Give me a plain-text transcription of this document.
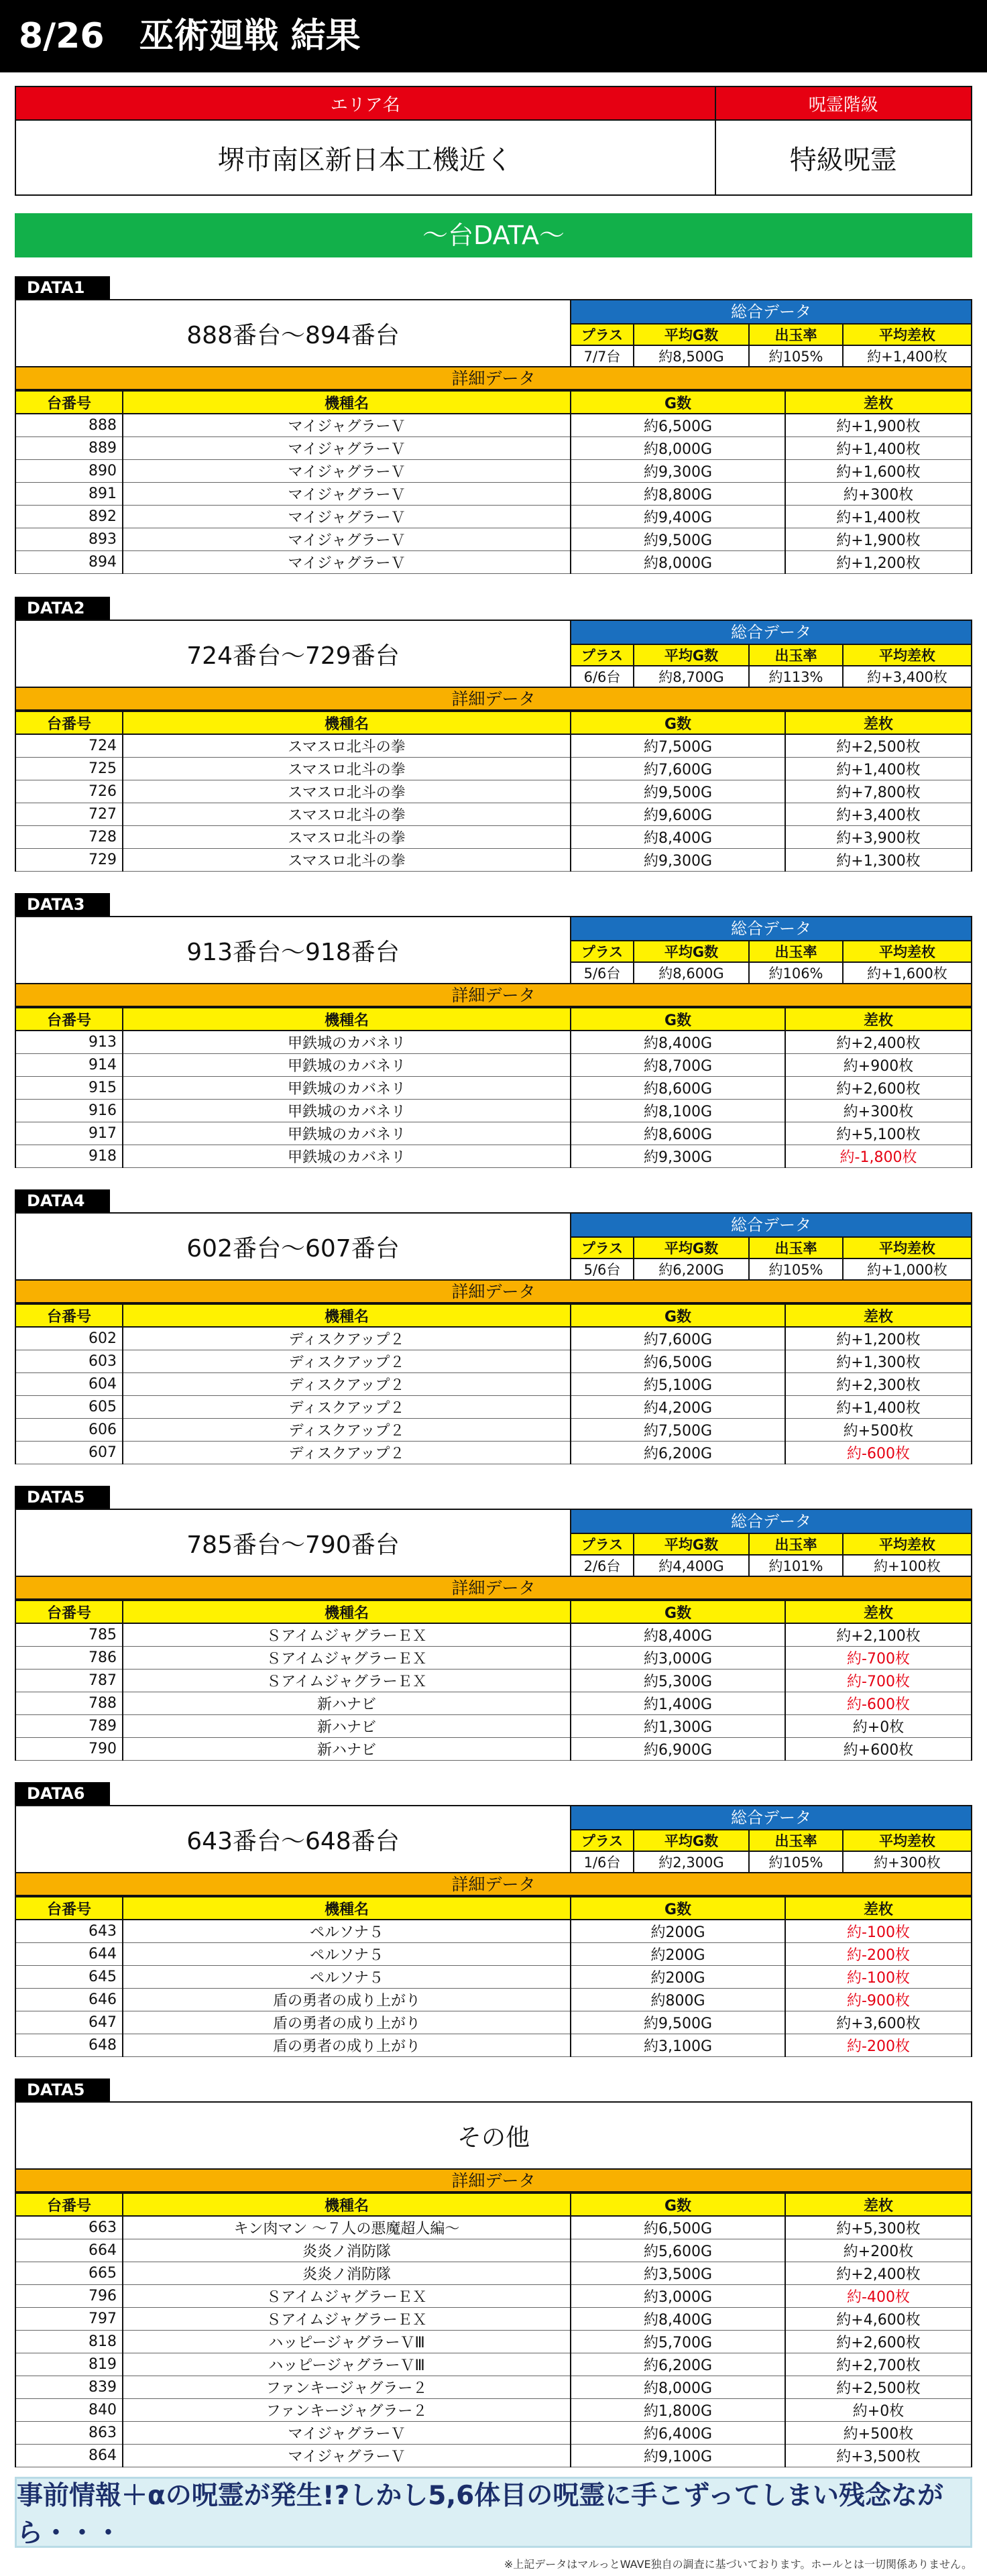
8/26　巫術廻戦 結果
エリア名	呪霊階級
堺市南区新日本工機近く	特級呪霊
〜台DATA〜
DATA1
888番台〜894番台
総合データ
プラス	平均G数	出玉率	平均差枚
7/7台	約8,500G	約105%	約+1,400枚
詳細データ
台番号	機種名	G数	差枚
888	マイジャグラーＶ	約6,500G	約+1,900枚
889	マイジャグラーＶ	約8,000G	約+1,400枚
890	マイジャグラーＶ	約9,300G	約+1,600枚
891	マイジャグラーＶ	約8,800G	約+300枚
892	マイジャグラーＶ	約9,400G	約+1,400枚
893	マイジャグラーＶ	約9,500G	約+1,900枚
894	マイジャグラーＶ	約8,000G	約+1,200枚
DATA2
724番台〜729番台
総合データ
プラス	平均G数	出玉率	平均差枚
6/6台	約8,700G	約113%	約+3,400枚
詳細データ
台番号	機種名	G数	差枚
724	スマスロ北斗の拳	約7,500G	約+2,500枚
725	スマスロ北斗の拳	約7,600G	約+1,400枚
726	スマスロ北斗の拳	約9,500G	約+7,800枚
727	スマスロ北斗の拳	約9,600G	約+3,400枚
728	スマスロ北斗の拳	約8,400G	約+3,900枚
729	スマスロ北斗の拳	約9,300G	約+1,300枚
DATA3
913番台〜918番台
総合データ
プラス	平均G数	出玉率	平均差枚
5/6台	約8,600G	約106%	約+1,600枚
詳細データ
台番号	機種名	G数	差枚
913	甲鉄城のカバネリ	約8,400G	約+2,400枚
914	甲鉄城のカバネリ	約8,700G	約+900枚
915	甲鉄城のカバネリ	約8,600G	約+2,600枚
916	甲鉄城のカバネリ	約8,100G	約+300枚
917	甲鉄城のカバネリ	約8,600G	約+5,100枚
918	甲鉄城のカバネリ	約9,300G	約-1,800枚
DATA4
602番台〜607番台
総合データ
プラス	平均G数	出玉率	平均差枚
5/6台	約6,200G	約105%	約+1,000枚
詳細データ
台番号	機種名	G数	差枚
602	ディスクアップ２	約7,600G	約+1,200枚
603	ディスクアップ２	約6,500G	約+1,300枚
604	ディスクアップ２	約5,100G	約+2,300枚
605	ディスクアップ２	約4,200G	約+1,400枚
606	ディスクアップ２	約7,500G	約+500枚
607	ディスクアップ２	約6,200G	約-600枚
DATA5
785番台〜790番台
総合データ
プラス	平均G数	出玉率	平均差枚
2/6台	約4,400G	約101%	約+100枚
詳細データ
台番号	機種名	G数	差枚
785	ＳアイムジャグラーＥＸ	約8,400G	約+2,100枚
786	ＳアイムジャグラーＥＸ	約3,000G	約-700枚
787	ＳアイムジャグラーＥＸ	約5,300G	約-700枚
788	新ハナビ	約1,400G	約-600枚
789	新ハナビ	約1,300G	約+0枚
790	新ハナビ	約6,900G	約+600枚
DATA6
643番台〜648番台
総合データ
プラス	平均G数	出玉率	平均差枚
1/6台	約2,300G	約105%	約+300枚
詳細データ
台番号	機種名	G数	差枚
643	ペルソナ５	約200G	約-100枚
644	ペルソナ５	約200G	約-200枚
645	ペルソナ５	約200G	約-100枚
646	盾の勇者の成り上がり	約800G	約-900枚
647	盾の勇者の成り上がり	約9,500G	約+3,600枚
648	盾の勇者の成り上がり	約3,100G	約-200枚
DATA5
その他
詳細データ
台番号	機種名	G数	差枚
663	キン肉マン ～７人の悪魔超人編～	約6,500G	約+5,300枚
664	炎炎ノ消防隊	約5,600G	約+200枚
665	炎炎ノ消防隊	約3,500G	約+2,400枚
796	ＳアイムジャグラーＥＸ	約3,000G	約-400枚
797	ＳアイムジャグラーＥＸ	約8,400G	約+4,600枚
818	ハッピージャグラーＶⅢ	約5,700G	約+2,600枚
819	ハッピージャグラーＶⅢ	約6,200G	約+2,700枚
839	ファンキージャグラー２	約8,000G	約+2,500枚
840	ファンキージャグラー２	約1,800G	約+0枚
863	マイジャグラーＶ	約6,400G	約+500枚
864	マイジャグラーＶ	約9,100G	約+3,500枚
事前情報＋αの呪霊が発生!?しかし5,6体目の呪霊に手こずってしまい残念ながら・・・
※上記データはマルっとWAVE独自の調査に基づいております。ホールとは一切関係ありません。
